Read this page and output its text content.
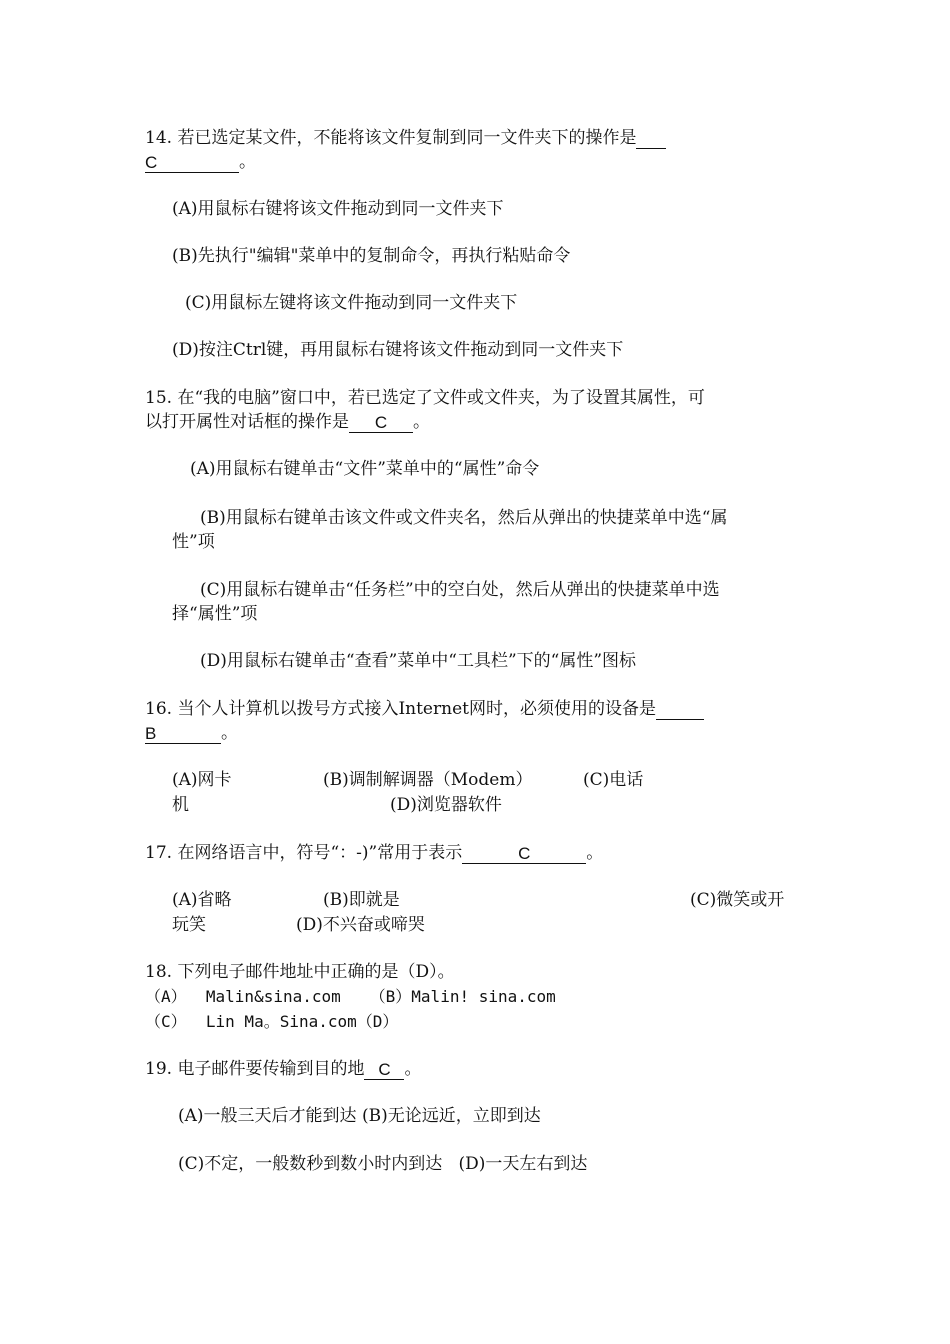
14. 若已选定某文件，不能将该文件复制到同一文件夹下的操作是
C	。
(A)用鼠标右键将该文件拖动到同一文件夹下
(B)先执行"编辑"菜单中的复制命令，再执行粘贴命令
(C)用鼠标左键将该文件拖动到同一文件夹下
(D)按注Ctrl键，再用鼠标右键将该文件拖动到同一文件夹下
15. 在“我的电脑”窗口中，若已选定了文件或文件夹，为了设置其属性，可
以打开属性对话框的操作是 C 。
(A)用鼠标右键单击“文件”菜单中的“属性”命令
(B)用鼠标右键单击该文件或文件夹名，然后从弹出的快捷菜单中选“属
性”项
(C)用鼠标右键单击“任务栏”中的空白处，然后从弹出的快捷菜单中选
择“属性”项
(D)用鼠标右键单击“查看”菜单中“工具栏”下的“属性”图标
16. 当个人计算机以拨号方式接入Internet网时，必须使用的设备是
B	。
(A)网卡	(B)调制解调器（Modem）	(C)电话
机	(D)浏览器软件
17. 在网络语言中，符号“：-)”常用于表示	C	。
(A)省略	(B)即就是	(C)微笑或开
玩笑	(D)不兴奋或啼哭
18. 下列电子邮件地址中正确的是（D）。
（A）  Malin&sina.com   （B）Malin! sina.com
（C）  Lin Ma。Sina.com（D）
19. 电子邮件要传输到目的地 C 。
(A)一般三天后才能到达 (B)无论远近，立即到达
(C)不定，一般数秒到数小时内到达   (D)一天左右到达
